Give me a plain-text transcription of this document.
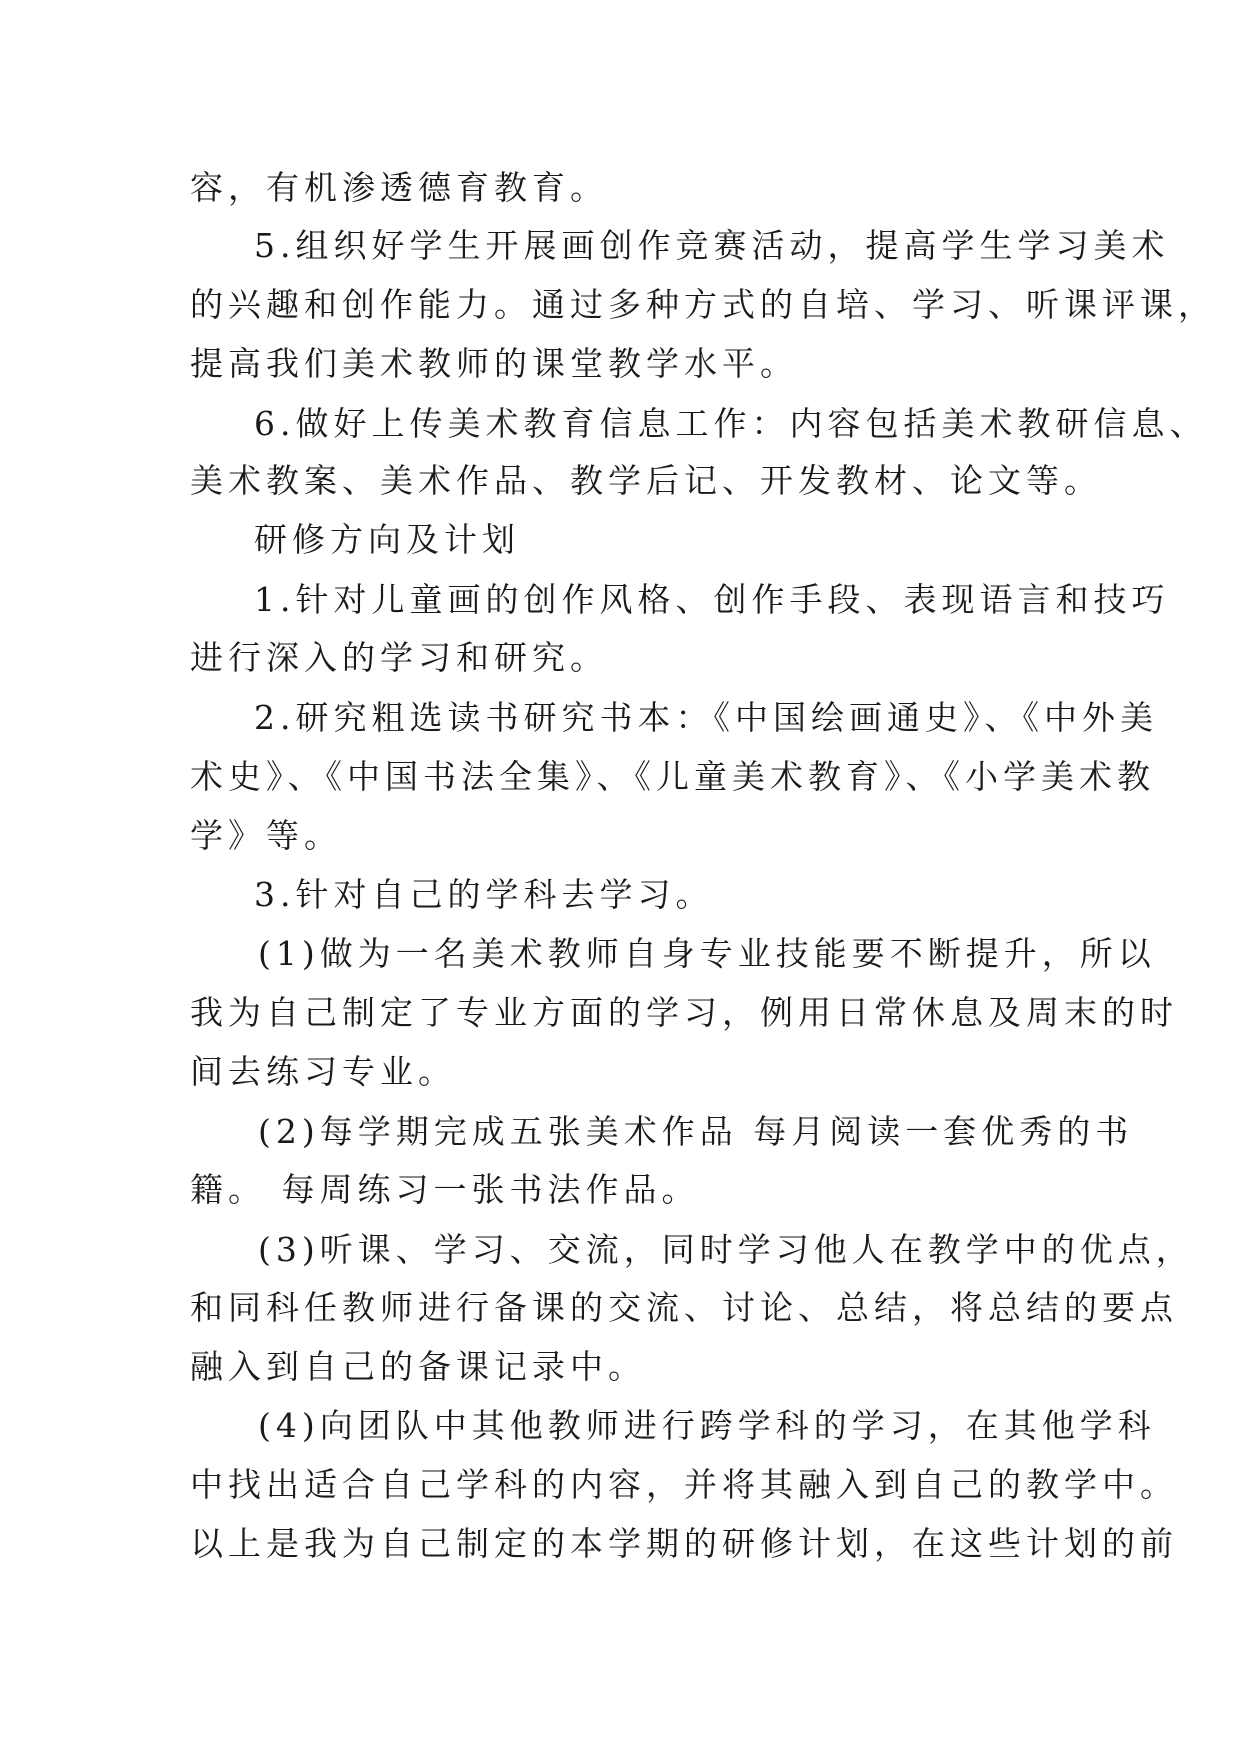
容，有机渗透德育教育。
5.组织好学生开展画创作竞赛活动，提高学生学习美术
的兴趣和创作能力。通过多种方式的自培、学习、听课评课，
提高我们美术教师的课堂教学水平。
6.做好上传美术教育信息工作：内容包括美术教研信息、
美术教案、美术作品、教学后记、开发教材、论文等。
研修方向及计划
1.针对儿童画的创作风格、创作手段、表现语言和技巧
进行深入的学习和研究。
2.研究粗选读书研究书本：《中国绘画通史》、《中外美
术史》、《中国书法全集》、《儿童美术教育》、《小学美术教
学》等。
3.针对自己的学科去学习。
(1)做为一名美术教师自身专业技能要不断提升，所以
我为自己制定了专业方面的学习，例用日常休息及周末的时
间去练习专业。
(2)每学期完成五张美术作品 每月阅读一套优秀的书
籍。 每周练习一张书法作品。
(3)听课、学习、交流，同时学习他人在教学中的优点，
和同科任教师进行备课的交流、讨论、总结，将总结的要点
融入到自己的备课记录中。
(4)向团队中其他教师进行跨学科的学习，在其他学科
中找出适合自己学科的内容，并将其融入到自己的教学中。
以上是我为自己制定的本学期的研修计划，在这些计划的前
